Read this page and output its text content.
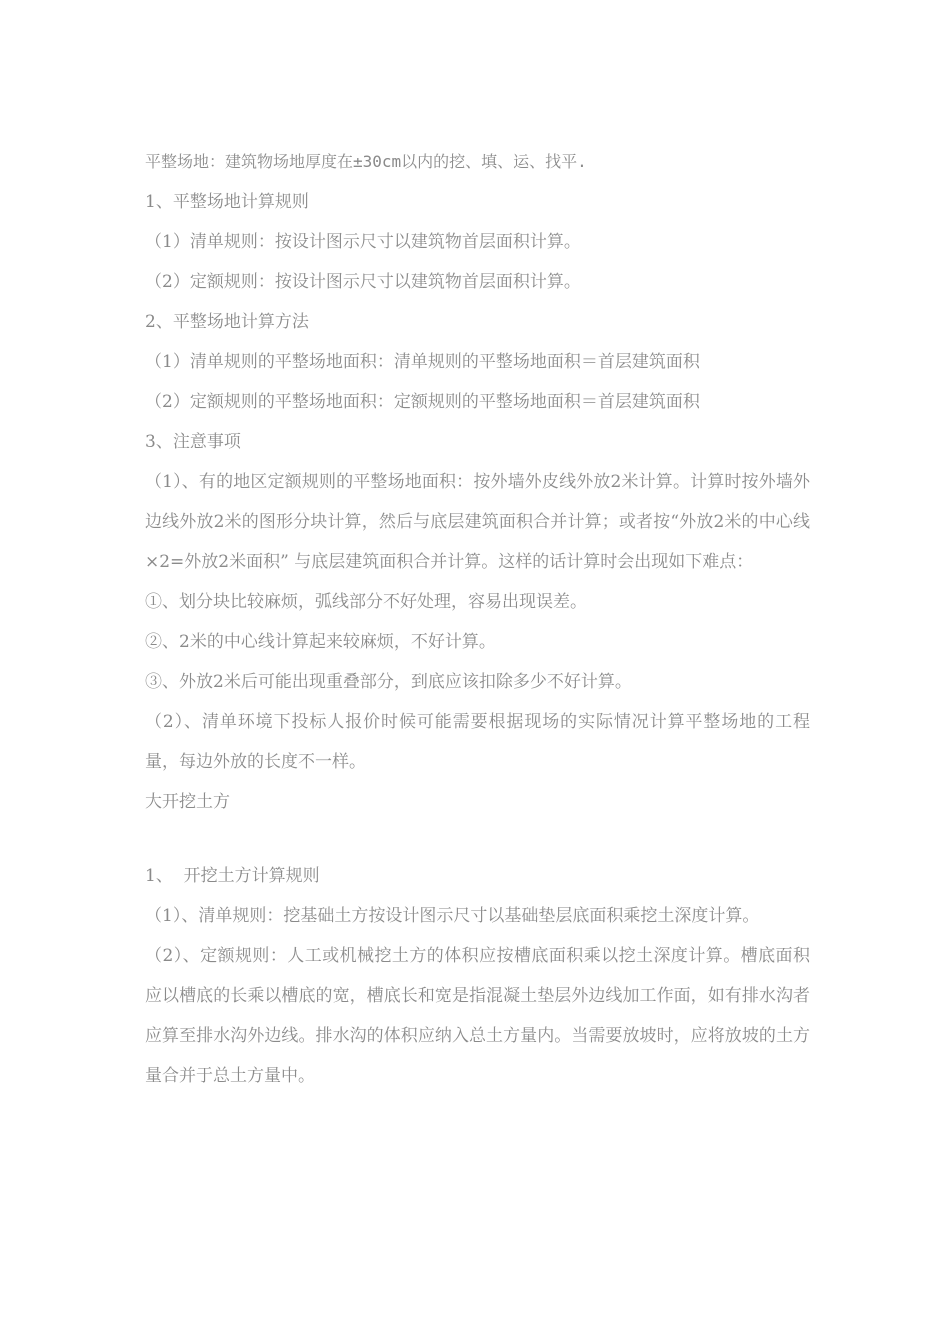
平整场地：建筑物场地厚度在±30cm以内的挖、填、运、找平.
1、平整场地计算规则
（1）清单规则：按设计图示尺寸以建筑物首层面积计算。
（2）定额规则：按设计图示尺寸以建筑物首层面积计算。
2、平整场地计算方法
（1）清单规则的平整场地面积：清单规则的平整场地面积＝首层建筑面积
（2）定额规则的平整场地面积：定额规则的平整场地面积＝首层建筑面积
3、注意事项
（1）、有的地区定额规则的平整场地面积：按外墙外皮线外放2米计算。计算时按外墙外边线外放2米的图形分块计算，然后与底层建筑面积合并计算；或者按“外放2米的中心线×2=外放2米面积” 与底层建筑面积合并计算。这样的话计算时会出现如下难点：
①、划分块比较麻烦，弧线部分不好处理，容易出现误差。
②、2米的中心线计算起来较麻烦，不好计算。
③、外放2米后可能出现重叠部分，到底应该扣除多少不好计算。
（2）、清单环境下投标人报价时候可能需要根据现场的实际情况计算平整场地的工程量，每边外放的长度不一样。
大开挖土方
1、  开挖土方计算规则
（1）、清单规则：挖基础土方按设计图示尺寸以基础垫层底面积乘挖土深度计算。
（2）、定额规则：人工或机械挖土方的体积应按槽底面积乘以挖土深度计算。槽底面积应以槽底的长乘以槽底的宽，槽底长和宽是指混凝土垫层外边线加工作面，如有排水沟者应算至排水沟外边线。排水沟的体积应纳入总土方量内。当需要放坡时，应将放坡的土方量合并于总土方量中。
